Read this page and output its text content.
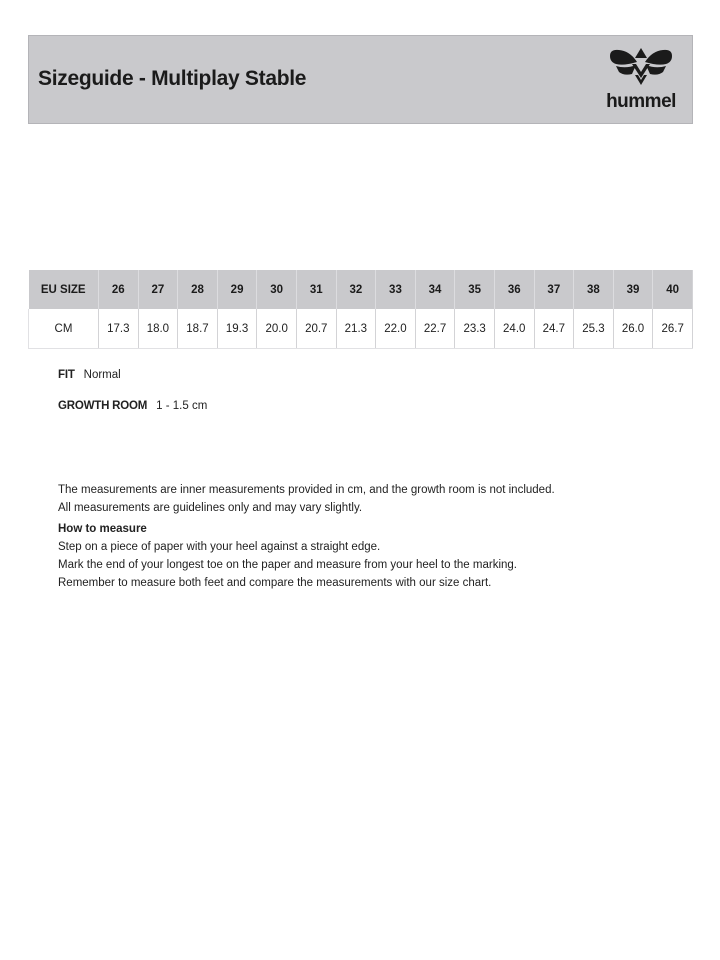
Sizeguide - Multiplay Stable
hummel
EU SIZE	26	27	28	29	30	31	32	33	34	35	36	37	38	39	40
CM	17.3	18.0	18.7	19.3	20.0	20.7	21.3	22.0	22.7	23.3	24.0	24.7	25.3	26.0	26.7
FIT Normal
GROWTH ROOM 1 - 1.5 cm

The measurements are inner measurements provided in cm, and the growth room is not included.

All measurements are guidelines only and may vary slightly.

How to measure

Step on a piece of paper with your heel against a straight edge.

Mark the end of your longest toe on the paper and measure from your heel to the marking.

Remember to measure both feet and compare the measurements with our size chart.
